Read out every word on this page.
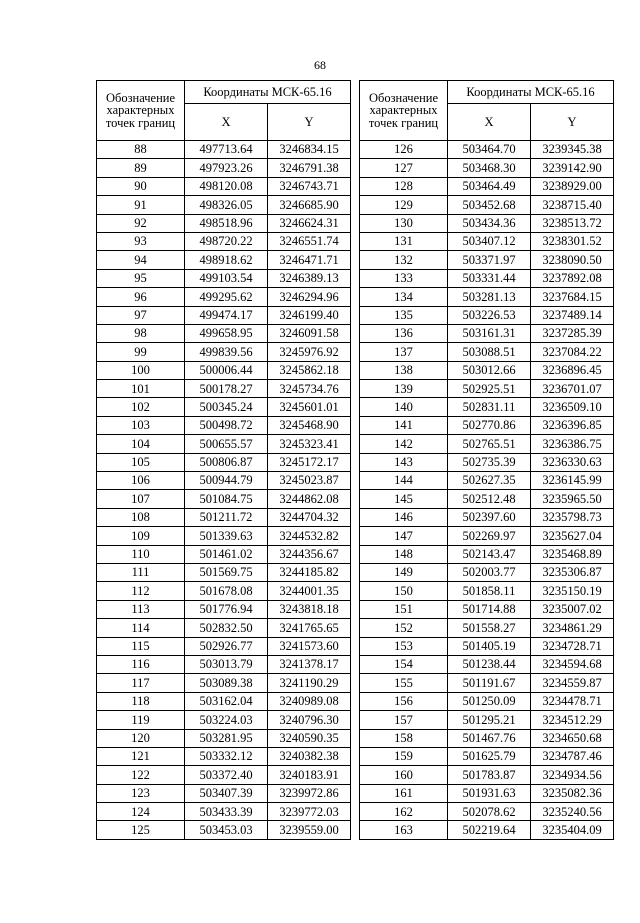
68
Обозначение характерных точек границ	Координаты МСК-65.16	
	X	Y
88	497713.64	3246834.15
89	497923.26	3246791.38
90	498120.08	3246743.71
91	498326.05	3246685.90
92	498518.96	3246624.31
93	498720.22	3246551.74
94	498918.62	3246471.71
95	499103.54	3246389.13
96	499295.62	3246294.96
97	499474.17	3246199.40
98	499658.95	3246091.58
99	499839.56	3245976.92
100	500006.44	3245862.18
101	500178.27	3245734.76
102	500345.24	3245601.01
103	500498.72	3245468.90
104	500655.57	3245323.41
105	500806.87	3245172.17
106	500944.79	3245023.87
107	501084.75	3244862.08
108	501211.72	3244704.32
109	501339.63	3244532.82
110	501461.02	3244356.67
111	501569.75	3244185.82
112	501678.08	3244001.35
113	501776.94	3243818.18
114	502832.50	3241765.65
115	502926.77	3241573.60
116	503013.79	3241378.17
117	503089.38	3241190.29
118	503162.04	3240989.08
119	503224.03	3240796.30
120	503281.95	3240590.35
121	503332.12	3240382.38
122	503372.40	3240183.91
123	503407.39	3239972.86
124	503433.39	3239772.03
125	503453.03	3239559.00
Обозначение характерных точек границ	Координаты МСК-65.16	
	X	Y
126	503464.70	3239345.38
127	503468.30	3239142.90
128	503464.49	3238929.00
129	503452.68	3238715.40
130	503434.36	3238513.72
131	503407.12	3238301.52
132	503371.97	3238090.50
133	503331.44	3237892.08
134	503281.13	3237684.15
135	503226.53	3237489.14
136	503161.31	3237285.39
137	503088.51	3237084.22
138	503012.66	3236896.45
139	502925.51	3236701.07
140	502831.11	3236509.10
141	502770.86	3236396.85
142	502765.51	3236386.75
143	502735.39	3236330.63
144	502627.35	3236145.99
145	502512.48	3235965.50
146	502397.60	3235798.73
147	502269.97	3235627.04
148	502143.47	3235468.89
149	502003.77	3235306.87
150	501858.11	3235150.19
151	501714.88	3235007.02
152	501558.27	3234861.29
153	501405.19	3234728.71
154	501238.44	3234594.68
155	501191.67	3234559.87
156	501250.09	3234478.71
157	501295.21	3234512.29
158	501467.76	3234650.68
159	501625.79	3234787.46
160	501783.87	3234934.56
161	501931.63	3235082.36
162	502078.62	3235240.56
163	502219.64	3235404.09
